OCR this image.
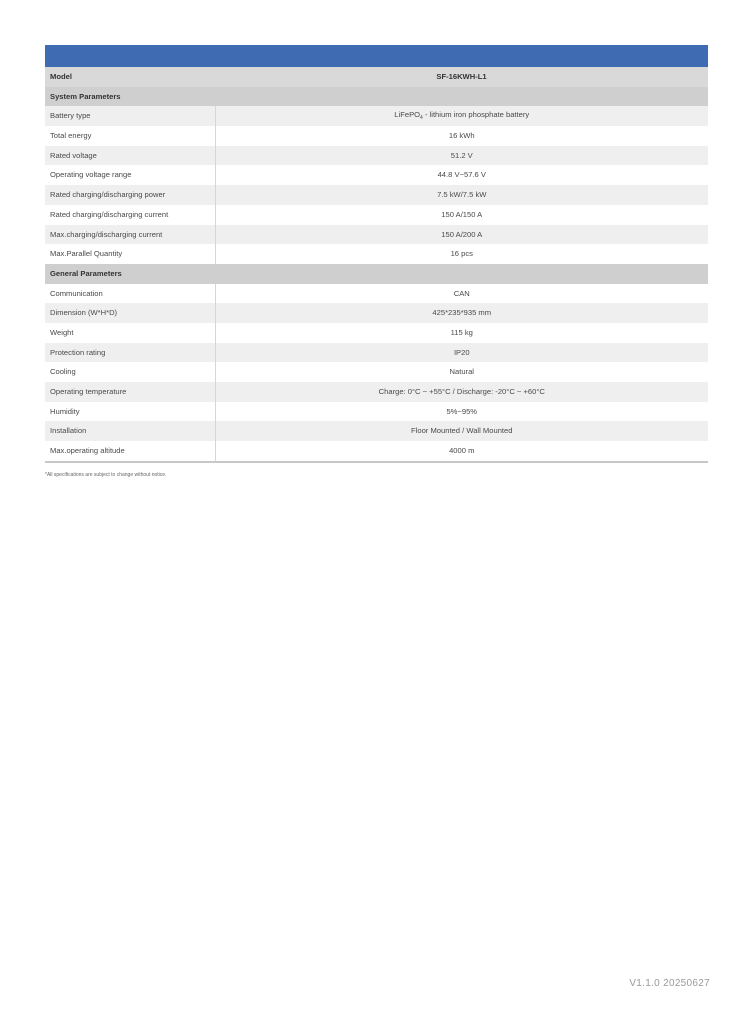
Model	SF-16KWH-L1
System Parameters	
Battery type	LiFePO$_4$ - lithium iron phosphate battery
Total energy	16 kWh
Rated voltage	51.2 V
Operating voltage range	44.8 V~57.6 V
Rated charging/discharging power	7.5 kW/7.5 kW
Rated charging/discharging current	150 A/150 A
Max.charging/discharging current	150 A/200 A
Max.Parallel Quantity	16 pcs
General Parameters	
Communication	CAN
Dimension (W*H*D)	425*235*935 mm
Weight	115 kg
Protection rating	IP20
Cooling	Natural
Operating temperature	Charge: 0°C ~ +55°C / Discharge: -20°C ~ +60°C
Humidity	5%~95%
Installation	Floor Mounted / Wall Mounted
Max.operating altitude	4000 m
*All specifications are subject to change without notice.
V1.1.0 20250627
